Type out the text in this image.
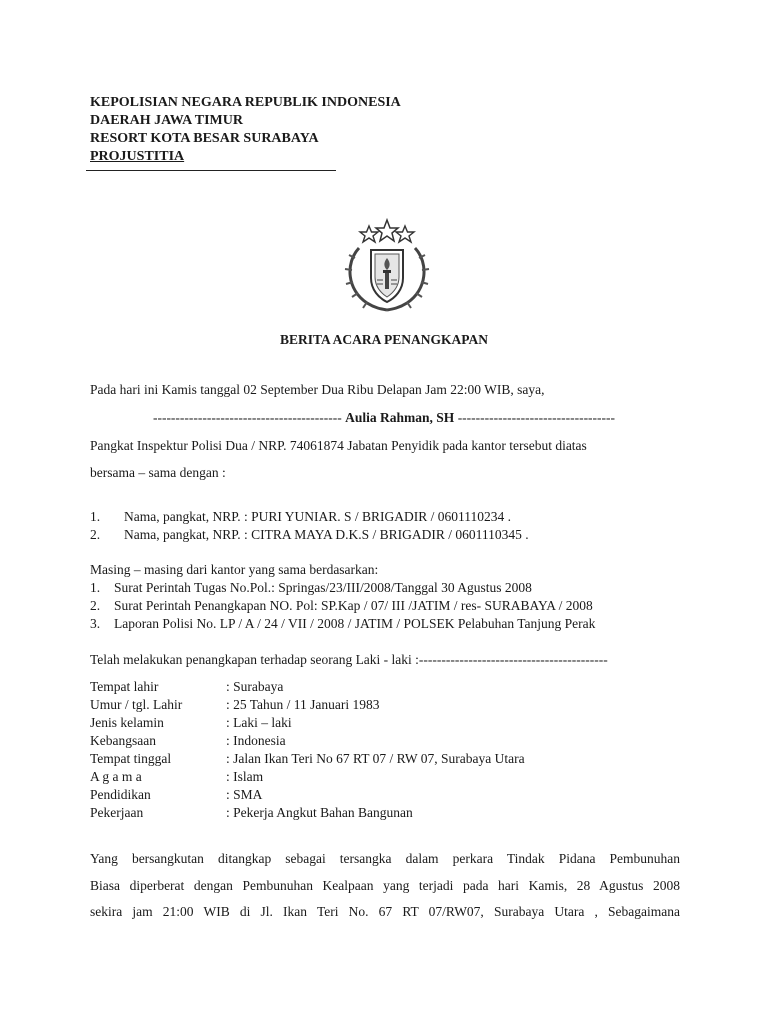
KEPOLISIAN NEGARA REPUBLIK INDONESIA
DAERAH JAWA TIMUR
RESORT KOTA BESAR SURABAYA
PROJUSTITIA
BERITA ACARA PENANGKAPAN
Pada hari ini Kamis tanggal 02 September Dua Ribu Delapan Jam 22:00 WIB, saya,
------------------------------------------ Aulia Rahman, SH -----------------------------------
Pangkat Inspektur Polisi Dua / NRP. 74061874 Jabatan Penyidik pada kantor tersebut diatas
bersama – sama dengan :
1. Nama, pangkat, NRP. : PURI YUNIAR. S / BRIGADIR / 0601110234 .
2. Nama, pangkat, NRP. : CITRA MAYA D.K.S / BRIGADIR / 0601110345 .
Masing – masing dari kantor yang sama berdasarkan:
1. Surat Perintah Tugas No.Pol.: Springas/23/III/2008/Tanggal 30 Agustus 2008
2. Surat Perintah Penangkapan NO. Pol: SP.Kap / 07/ III /JATIM / res- SURABAYA / 2008
3. Laporan Polisi No. LP / A / 24 / VII / 2008 / JATIM / POLSEK Pelabuhan Tanjung Perak
Telah melakukan penangkapan terhadap seorang Laki - laki :------------------------------------------
Tempat lahir	: Surabaya
Umur / tgl. Lahir	: 25 Tahun / 11 Januari 1983
Jenis kelamin	: Laki – laki
Kebangsaan	: Indonesia
Tempat tinggal	: Jalan Ikan Teri No 67 RT 07 / RW 07, Surabaya Utara
A g a m a	: Islam
Pendidikan	: SMA
Pekerjaan	: Pekerja Angkut Bahan Bangunan
Yang bersangkutan ditangkap sebagai tersangka dalam perkara Tindak Pidana Pembunuhan
Biasa diperberat dengan Pembunuhan Kealpaan yang terjadi pada hari Kamis, 28 Agustus 2008
sekira jam 21:00 WIB di Jl. Ikan Teri No. 67 RT 07/RW07, Surabaya Utara , Sebagaimana
